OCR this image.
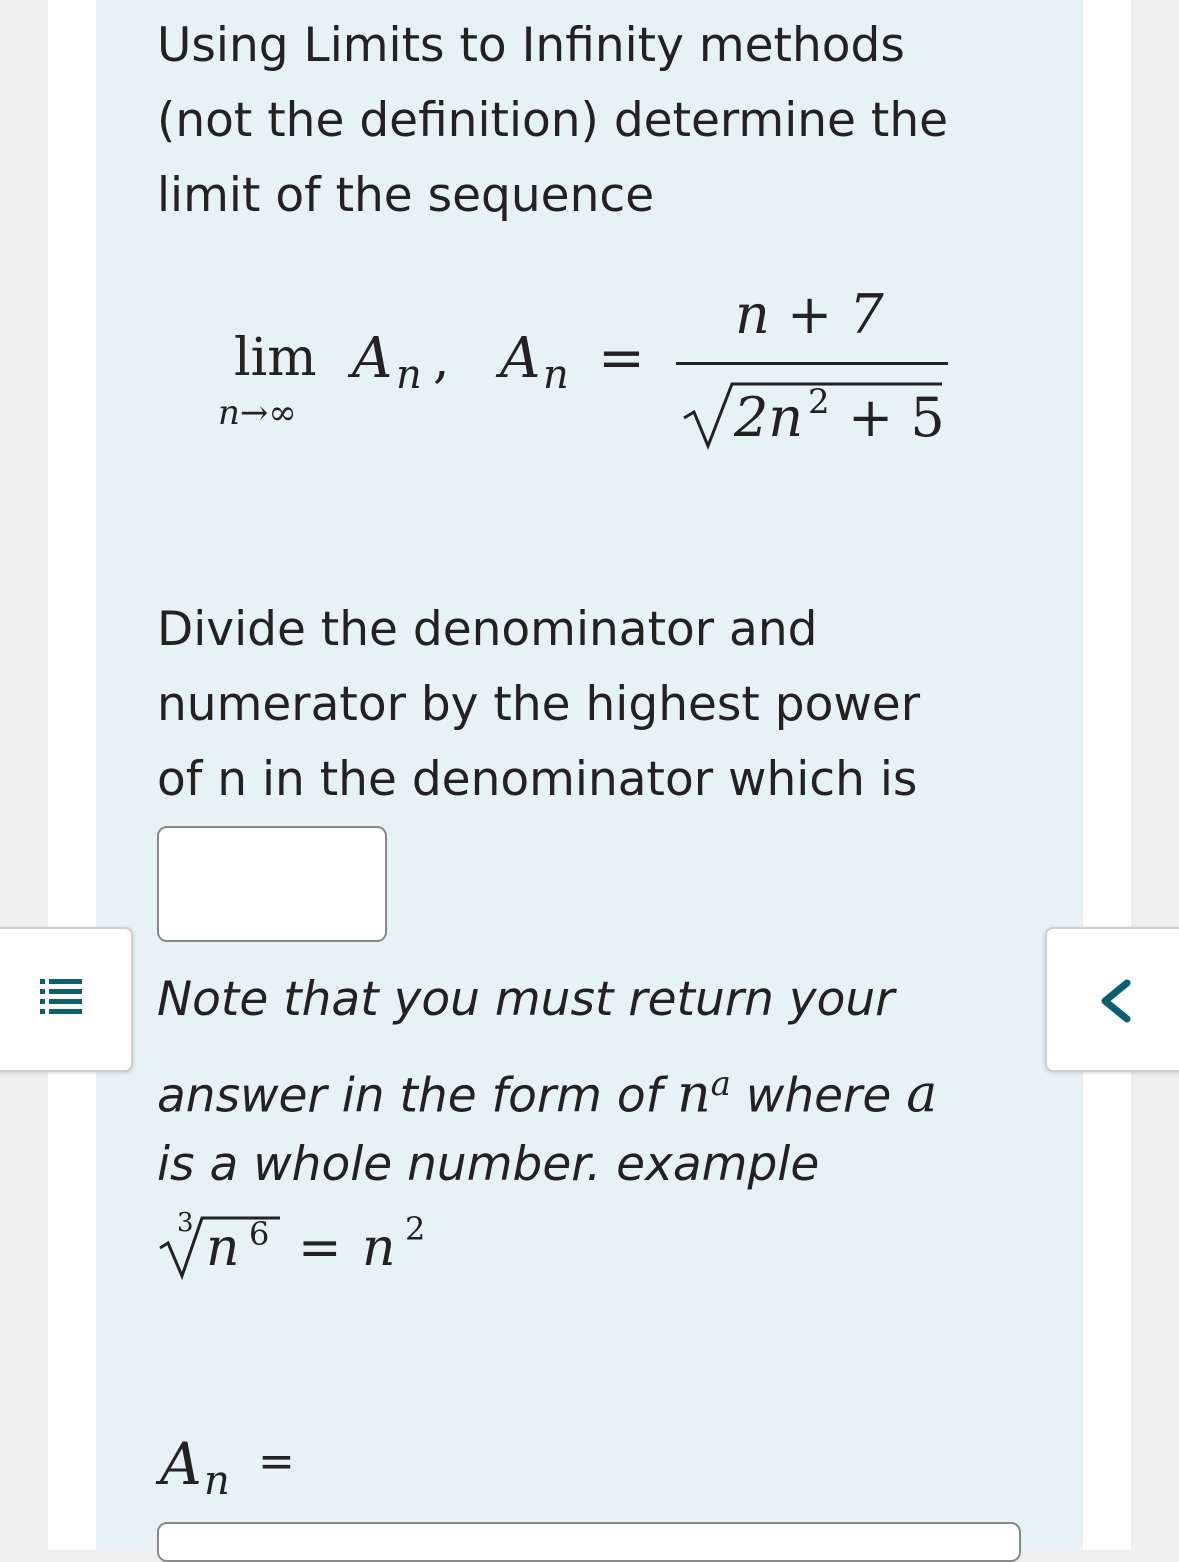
Using Limits to Infinity methods
(not the definition) determine the
limit of the sequence
lim
n→∞
A n , A n =
n + 7
2n 2 + 5
Divide the denominator and
numerator by the highest power
of n in the denominator which is
Note that you must return your
answer in the form of $n^a$ where a
is a whole number. example
3 n 6 = n 2
A n =
